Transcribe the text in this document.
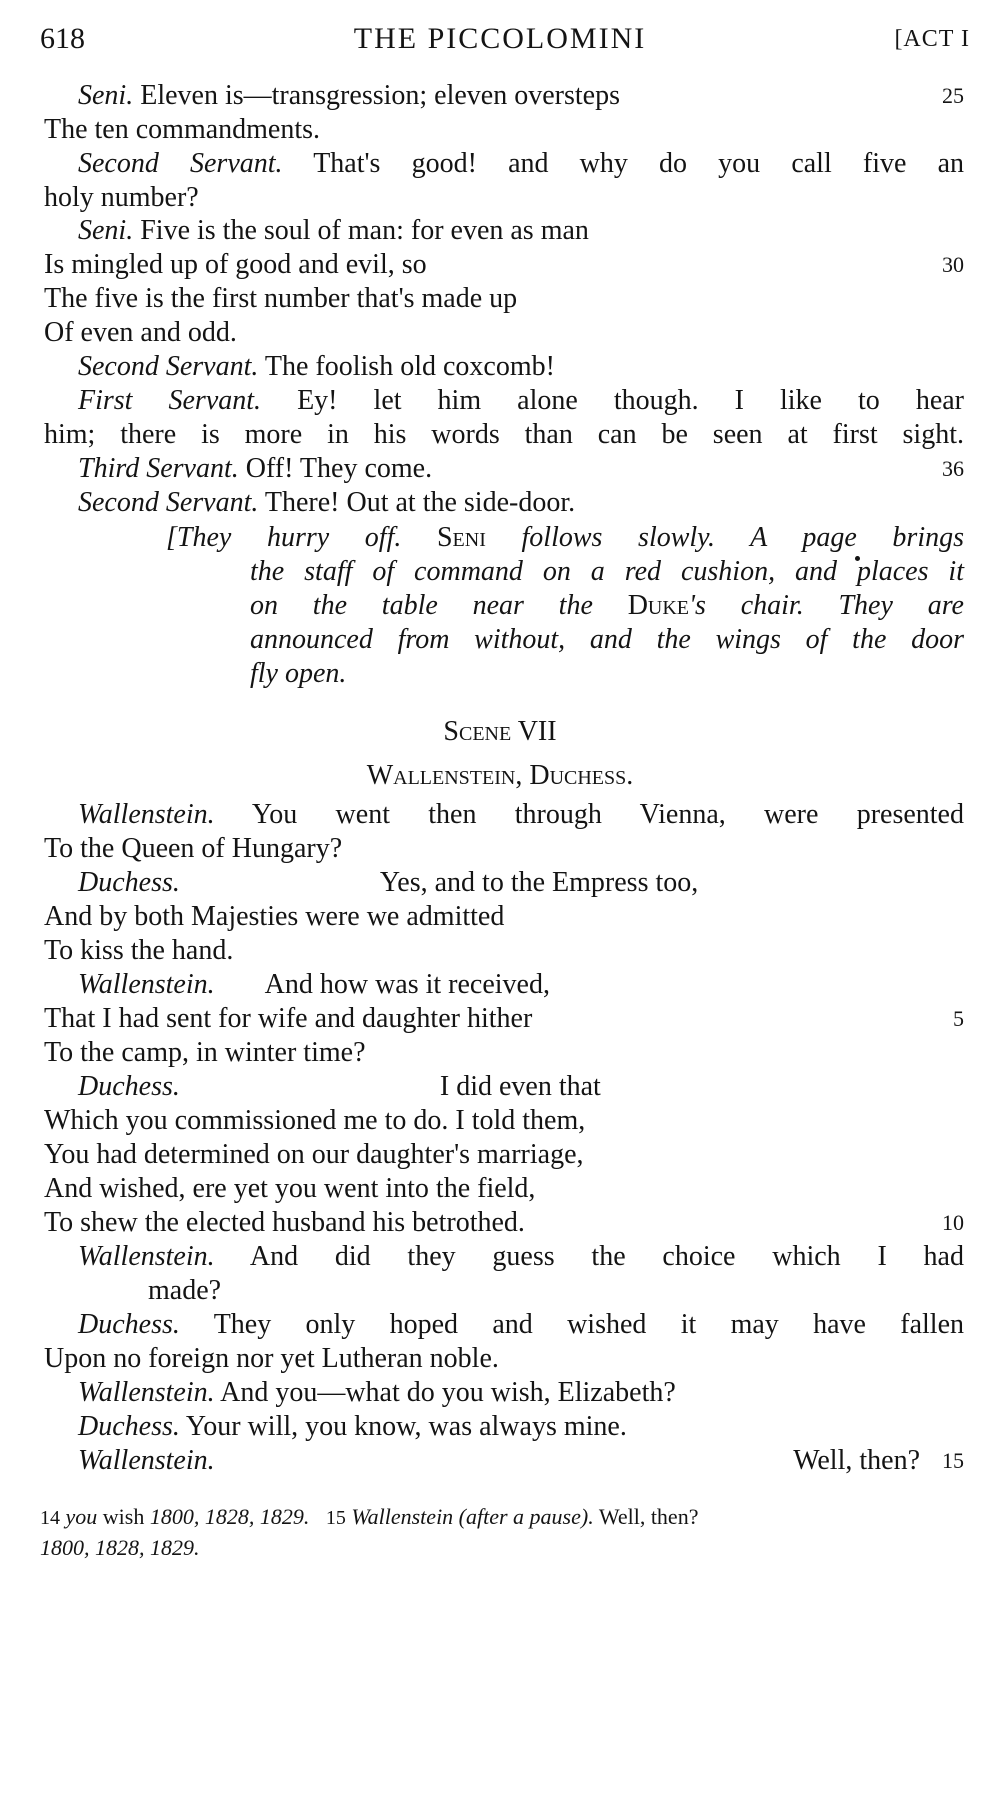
618	THE PICCOLOMINI	[ACT I
Seni. Eleven is—transgression; eleven oversteps	25
The ten commandments.
Second Servant. That's good! and why do you call five an
holy number?
Seni. Five is the soul of man: for even as man
Is mingled up of good and evil, so	30
The five is the first number that's made up
Of even and odd.
Second Servant. The foolish old coxcomb!
First Servant. Ey! let him alone though. I like to hear
him; there is more in his words than can be seen at first sight.
Third Servant. Off! They come.	36
Second Servant. There! Out at the side-door.
[They hurry off. Seni follows slowly. A page brings
the staff of command on a red cushion, and places it
on the table near the Duke's chair. They are
announced from without, and the wings of the door
fly open.
Scene VII
Wallenstein, Duchess.
Wallenstein. You went then through Vienna, were presented
To the Queen of Hungary?
Duchess.	Yes, and to the Empress too,
And by both Majesties were we admitted
To kiss the hand.
Wallenstein. And how was it received,
That I had sent for wife and daughter hither	5
To the camp, in winter time?
Duchess.	I did even that
Which you commissioned me to do. I told them,
You had determined on our daughter's marriage,
And wished, ere yet you went into the field,
To shew the elected husband his betrothed.	10
Wallenstein. And did they guess the choice which I had
made?
Duchess. They only hoped and wished it may have fallen
Upon no foreign nor yet Lutheran noble.
Wallenstein. And you—what do you wish, Elizabeth?
Duchess. Your will, you know, was always mine.
Wallenstein.	Well, then? 15
14 you wish 1800, 1828, 1829. 15 Wallenstein (after a pause). Well, then?
1800, 1828, 1829.
